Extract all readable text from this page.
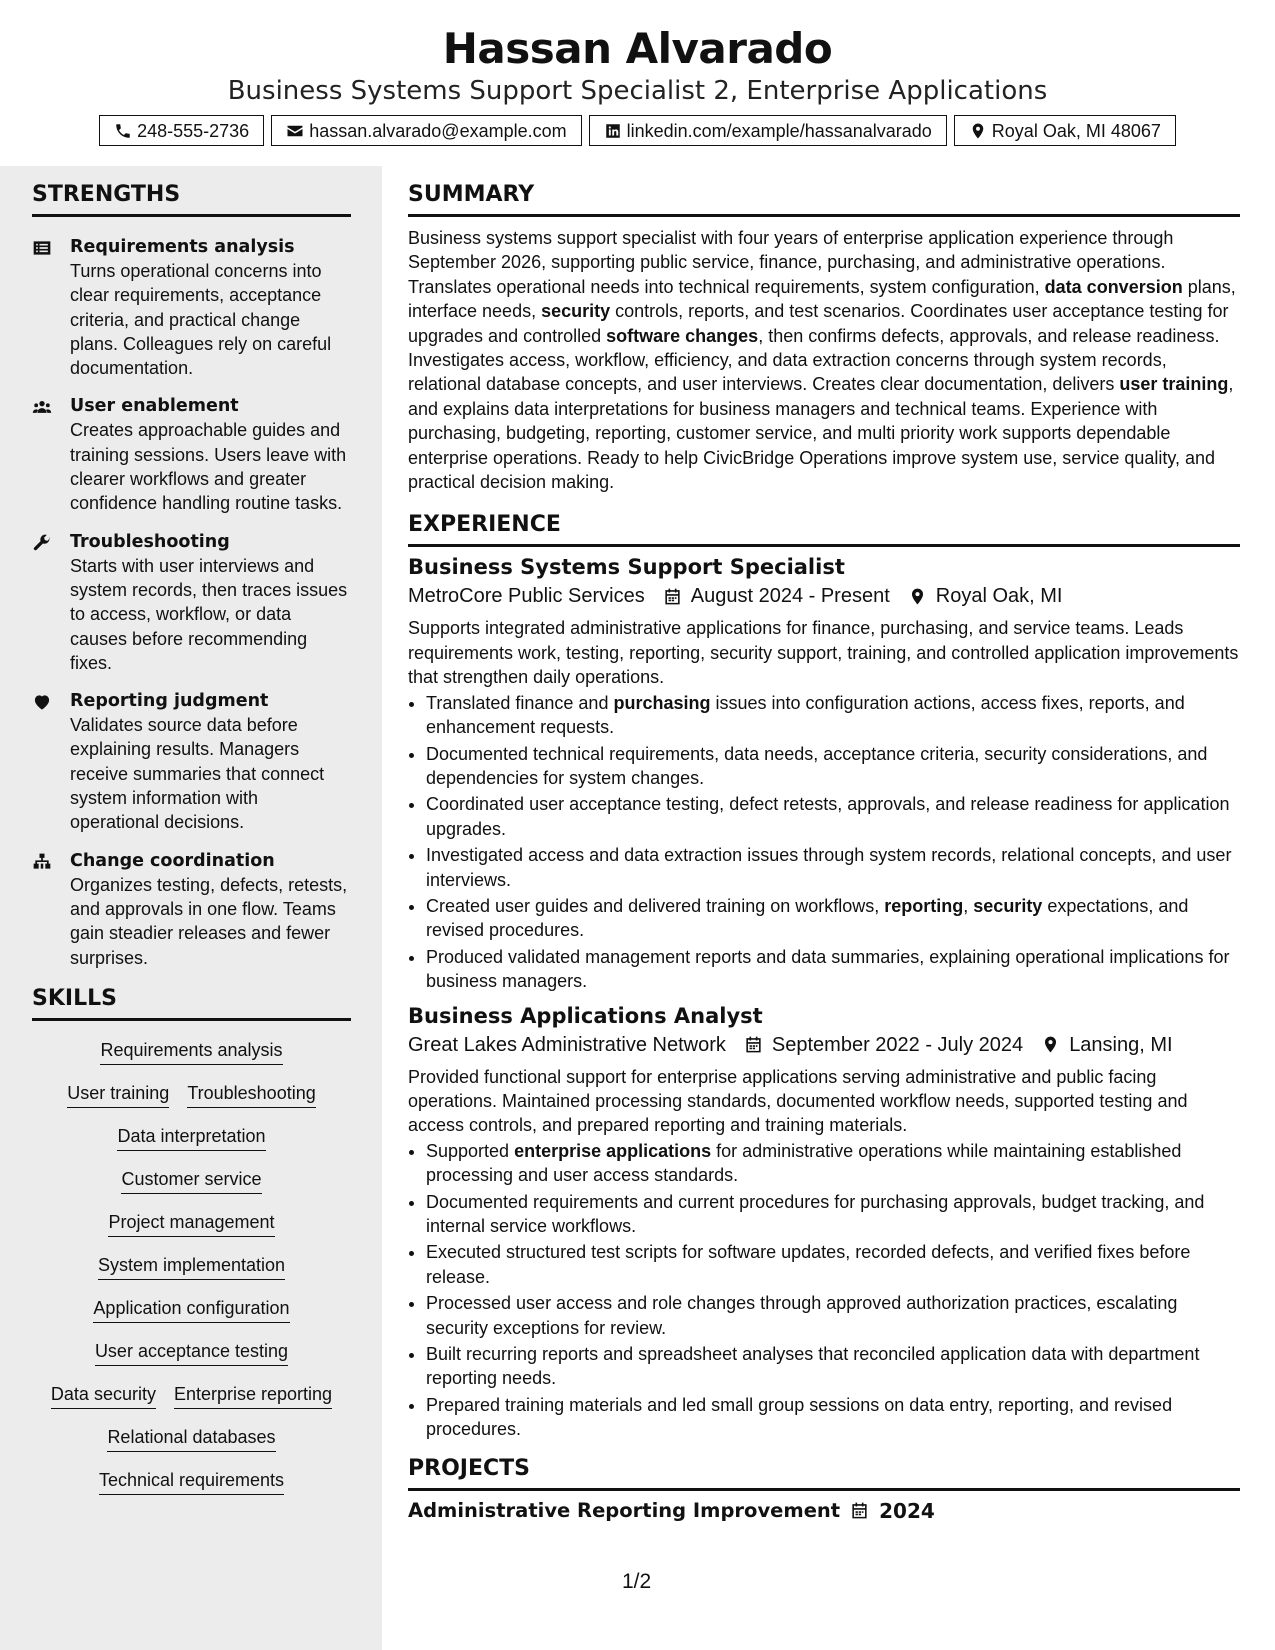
Hassan Alvarado
Business Systems Support Specialist 2, Enterprise Applications
248-555-2736	hassan.alvarado@example.com	linkedin.com/example/hassanalvarado	Royal Oak, MI 48067
STRENGTHS
Requirements analysis
Turns operational concerns into clear requirements, acceptance criteria, and practical change plans. Colleagues rely on careful documentation.
User enablement
Creates approachable guides and training sessions. Users leave with clearer workflows and greater confidence handling routine tasks.
Troubleshooting
Starts with user interviews and system records, then traces issues to access, workflow, or data causes before recommending fixes.
Reporting judgment
Validates source data before explaining results. Managers receive summaries that connect system information with operational decisions.
Change coordination
Organizes testing, defects, retests, and approvals in one flow. Teams gain steadier releases and fewer surprises.
SKILLS
Requirements analysis
User training Troubleshooting
Data interpretation
Customer service
Project management
System implementation
Application configuration
User acceptance testing
Data security Enterprise reporting
Relational databases
Technical requirements
SUMMARY
Business systems support specialist with four years of enterprise application experience through September 2026, supporting public service, finance, purchasing, and administrative operations. Translates operational needs into technical requirements, system configuration, data conversion plans, interface needs, security controls, reports, and test scenarios. Coordinates user acceptance testing for upgrades and controlled software changes, then confirms defects, approvals, and release readiness. Investigates access, workflow, efficiency, and data extraction concerns through system records, relational database concepts, and user interviews. Creates clear documentation, delivers user training, and explains data interpretations for business managers and technical teams. Experience with purchasing, budgeting, reporting, customer service, and multi priority work supports dependable enterprise operations. Ready to help CivicBridge Operations improve system use, service quality, and practical decision making.
EXPERIENCE
Business Systems Support Specialist
MetroCore Public Services August 2024 - Present Royal Oak, MI
Supports integrated administrative applications for finance, purchasing, and service teams. Leads requirements work, testing, reporting, security support, training, and controlled application improvements that strengthen daily operations.
• Translated finance and purchasing issues into configuration actions, access fixes, reports, and enhancement requests.
• Documented technical requirements, data needs, acceptance criteria, security considerations, and dependencies for system changes.
• Coordinated user acceptance testing, defect retests, approvals, and release readiness for application upgrades.
• Investigated access and data extraction issues through system records, relational concepts, and user interviews.
• Created user guides and delivered training on workflows, reporting, security expectations, and revised procedures.
• Produced validated management reports and data summaries, explaining operational implications for business managers.
Business Applications Analyst
Great Lakes Administrative Network September 2022 - July 2024 Lansing, MI
Provided functional support for enterprise applications serving administrative and public facing operations. Maintained processing standards, documented workflow needs, supported testing and access controls, and prepared reporting and training materials.
• Supported enterprise applications for administrative operations while maintaining established processing and user access standards.
• Documented requirements and current procedures for purchasing approvals, budget tracking, and internal service workflows.
• Executed structured test scripts for software updates, recorded defects, and verified fixes before release.
• Processed user access and role changes through approved authorization practices, escalating security exceptions for review.
• Built recurring reports and spreadsheet analyses that reconciled application data with department reporting needs.
• Prepared training materials and led small group sessions on data entry, reporting, and revised procedures.
PROJECTS
Administrative Reporting Improvement 2024
1/2
